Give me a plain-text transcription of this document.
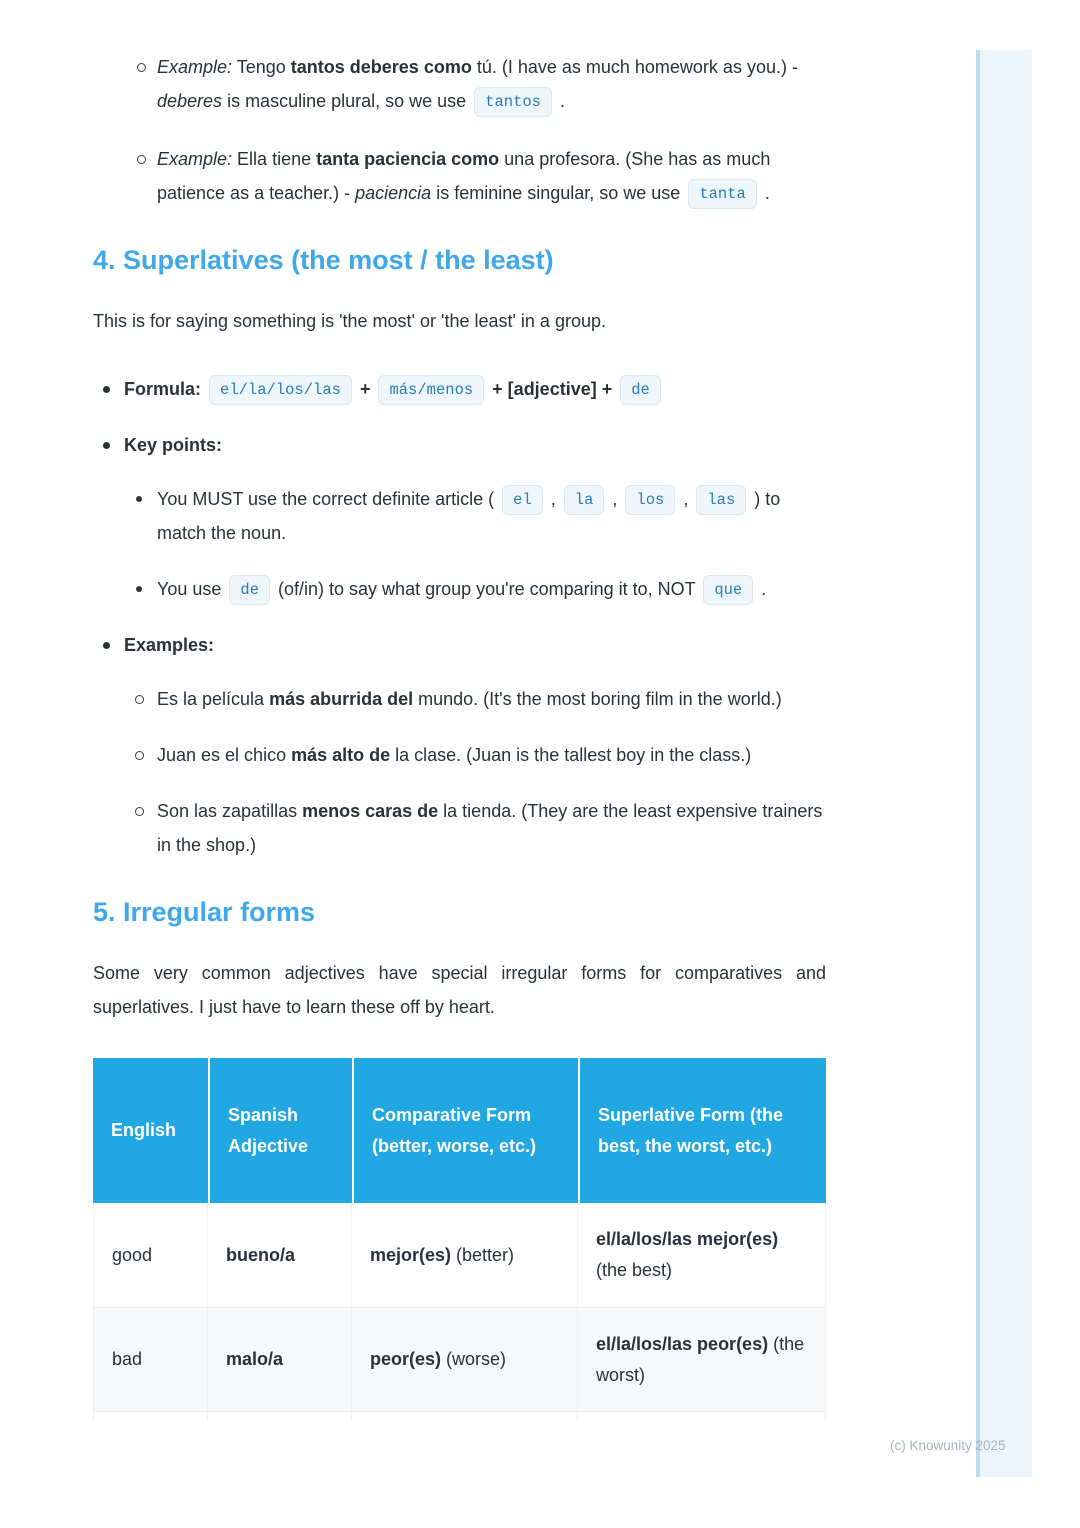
Example: Tengo tantos deberes como tú. (I have as much homework as you.) - deberes is masculine plural, so we use tantos .
Example: Ella tiene tanta paciencia como una profesora. (She has as much patience as a teacher.) - paciencia is feminine singular, so we use tanta .
4. Superlatives (the most / the least)

This is for saying something is 'the most' or 'the least' in a group.

Formula: el/la/los/las + más/menos + [adjective] + de
Key points:
You MUST use the correct definite article ( el , la , los , las ) to match the noun.
You use de (of/in) to say what group you're comparing it to, NOT que .
Examples:
Es la película más aburrida del mundo. (It's the most boring film in the world.)
Juan es el chico más alto de la clase. (Juan is the tallest boy in the class.)
Son las zapatillas menos caras de la tienda. (They are the least expensive trainers in the shop.)
5. Irregular forms

Some very common adjectives have special irregular forms for comparatives and superlatives. I just have to learn these off by heart.

English	Spanish Adjective	Comparative Form (better, worse, etc.)	Superlative Form (the best, the worst, etc.)
good	bueno/a	mejor(es) (better)	el/la/los/las mejor(es) (the best)
bad	malo/a	peor(es) (worse)	el/la/los/las peor(es) (the worst)

(c) Knowunity 2025
